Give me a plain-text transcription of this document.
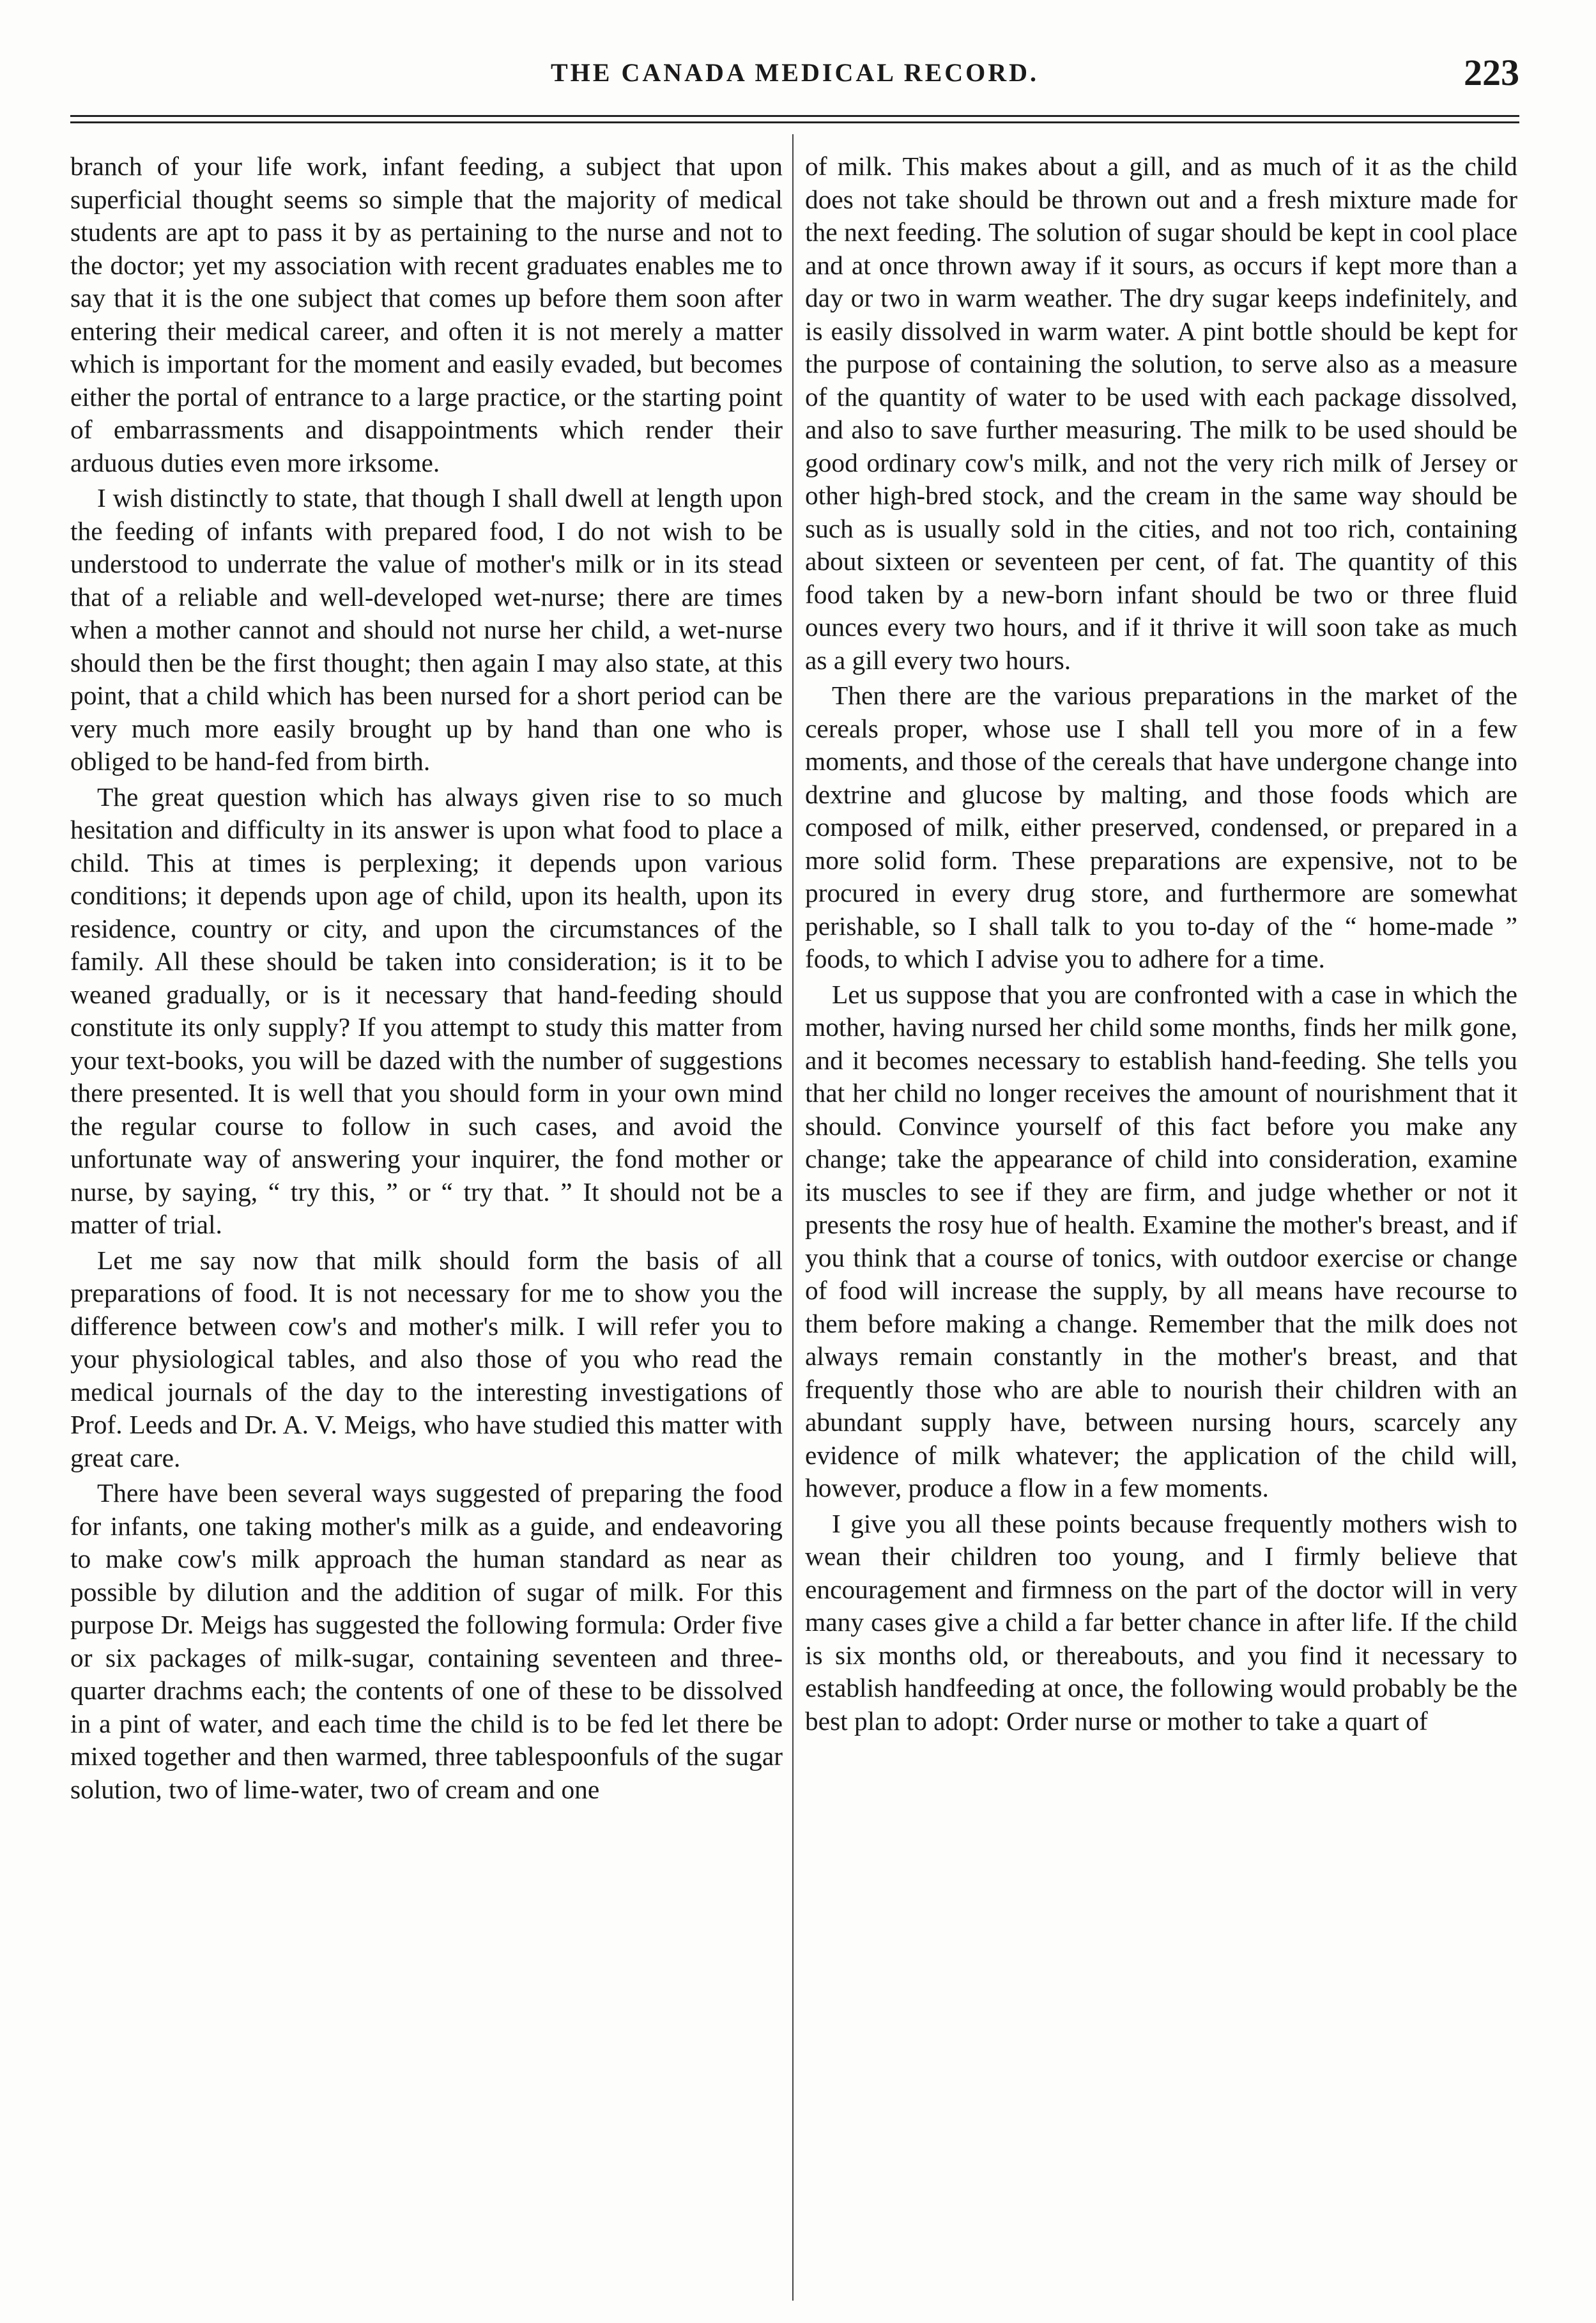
THE CANADA MEDICAL RECORD.	223

branch of your life work, infant feeding, a subject that upon superficial thought seems so simple that the majority of medical students are apt to pass it by as pertaining to the nurse and not to the doctor; yet my association with recent graduates enables me to say that it is the one subject that comes up before them soon after entering their medical career, and often it is not merely a matter which is important for the moment and easily evaded, but becomes either the portal of entrance to a large practice, or the starting point of embarrassments and disappointments which render their arduous duties even more irksome.

I wish distinctly to state, that though I shall dwell at length upon the feeding of infants with prepared food, I do not wish to be understood to underrate the value of mother's milk or in its stead that of a reliable and well-developed wet-nurse; there are times when a mother cannot and should not nurse her child, a wet-nurse should then be the first thought; then again I may also state, at this point, that a child which has been nursed for a short period can be very much more easily brought up by hand than one who is obliged to be hand-fed from birth.

The great question which has always given rise to so much hesitation and difficulty in its answer is upon what food to place a child. This at times is perplexing; it depends upon various conditions; it depends upon age of child, upon its health, upon its residence, country or city, and upon the circumstances of the family. All these should be taken into consideration; is it to be weaned gradually, or is it necessary that hand-feeding should constitute its only supply? If you attempt to study this matter from your text-books, you will be dazed with the number of suggestions there presented. It is well that you should form in your own mind the regular course to follow in such cases, and avoid the unfortunate way of answering your inquirer, the fond mother or nurse, by saying, “ try this, ” or “ try that. ” It should not be a matter of trial.

Let me say now that milk should form the basis of all preparations of food. It is not necessary for me to show you the difference between cow's and mother's milk. I will refer you to your physiological tables, and also those of you who read the medical journals of the day to the interesting investigations of Prof. Leeds and Dr. A. V. Meigs, who have studied this matter with great care.

There have been several ways suggested of preparing the food for infants, one taking mother's milk as a guide, and endeavoring to make cow's milk approach the human standard as near as possible by dilution and the addition of sugar of milk. For this purpose Dr. Meigs has suggested the following formula: Order five or six packages of milk-sugar, containing seventeen and three-quarter drachms each; the contents of one of these to be dissolved in a pint of water, and each time the child is to be fed let there be mixed together and then warmed, three tablespoonfuls of the sugar solution, two of lime-water, two of cream and one

of milk. This makes about a gill, and as much of it as the child does not take should be thrown out and a fresh mixture made for the next feeding. The solution of sugar should be kept in cool place and at once thrown away if it sours, as occurs if kept more than a day or two in warm weather. The dry sugar keeps indefinitely, and is easily dissolved in warm water. A pint bottle should be kept for the purpose of containing the solution, to serve also as a measure of the quantity of water to be used with each package dissolved, and also to save further measuring. The milk to be used should be good ordinary cow's milk, and not the very rich milk of Jersey or other high-bred stock, and the cream in the same way should be such as is usually sold in the cities, and not too rich, containing about sixteen or seventeen per cent, of fat. The quantity of this food taken by a new-born infant should be two or three fluid ounces every two hours, and if it thrive it will soon take as much as a gill every two hours.

Then there are the various preparations in the market of the cereals proper, whose use I shall tell you more of in a few moments, and those of the cereals that have undergone change into dextrine and glucose by malting, and those foods which are composed of milk, either preserved, condensed, or prepared in a more solid form. These preparations are expensive, not to be procured in every drug store, and furthermore are somewhat perishable, so I shall talk to you to-day of the “ home-made ” foods, to which I advise you to adhere for a time.

Let us suppose that you are confronted with a case in which the mother, having nursed her child some months, finds her milk gone, and it becomes necessary to establish hand-feeding. She tells you that her child no longer receives the amount of nourishment that it should. Convince yourself of this fact before you make any change; take the appearance of child into consideration, examine its muscles to see if they are firm, and judge whether or not it presents the rosy hue of health. Examine the mother's breast, and if you think that a course of tonics, with outdoor exercise or change of food will increase the supply, by all means have recourse to them before making a change. Remember that the milk does not always remain constantly in the mother's breast, and that frequently those who are able to nourish their children with an abundant supply have, between nursing hours, scarcely any evidence of milk whatever; the application of the child will, however, produce a flow in a few moments.

I give you all these points because frequently mothers wish to wean their children too young, and I firmly believe that encouragement and firmness on the part of the doctor will in very many cases give a child a far better chance in after life. If the child is six months old, or thereabouts, and you find it necessary to establish handfeeding at once, the following would probably be the best plan to adopt: Order nurse or mother to take a quart of
